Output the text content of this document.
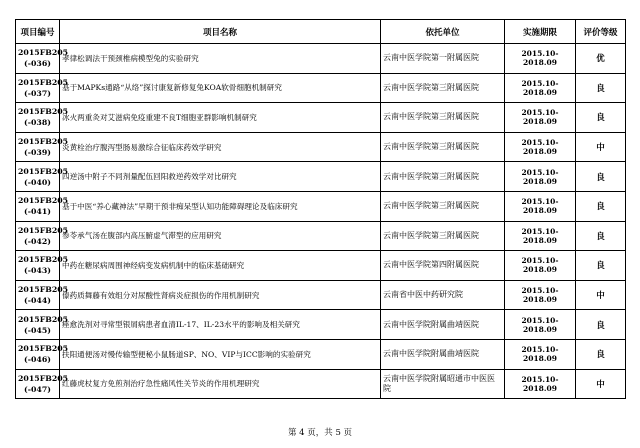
项目编号	项目名称	依托单位	实施期限	评价等级

2015FB205
(-036)	孝律松调法干预颈椎病模型兔的实验研究	云南中医学院第一附属医院	2015.10-2018.09	优

2015FB205
(-037)	基于MAPKs通路“从络”探讨康复新修复兔KOA软骨细胞机制研究	云南中医学院第三附属医院	2015.10-2018.09	良

2015FB205
(-038)	冰火两重灸对艾滋病免疫重建不良T细胞亚群影响机制研究	云南中医学院第三附属医院	2015.10-2018.09	良

2015FB205
(-039)	炎黄栓治疗腹泻型肠易激综合征临床药效学研究	云南中医学院第三附属医院	2015.10-2018.09	中

2015FB205
(-040)	四逆汤中附子不同剂量配伍回阳救逆药效学对比研究	云南中医学院第三附属医院	2015.10-2018.09	良

2015FB205
(-041)	基于中医“养心藏神法”早期干预非痴呆型认知功能障碍理论及临床研究	云南中医学院第三附属医院	2015.10-2018.09	良

2015FB205
(-042)	参苓承气汤在腹部内高压腑虚气滞型的应用研究	云南中医学院第三附属医院	2015.10-2018.09	良

2015FB205
(-043)	中药在糖尿病周围神经病变发病机制中的临床基础研究	云南中医学院第四附属医院	2015.10-2018.09	良

2015FB205
(-044)	傣药质舞藤有效组分对尿酸性肾病炎症损伤的作用机制研究	云南省中医中药研究院	2015.10-2018.09	中

2015FB205
(-045)	痤愈洗剂对寻常型银屑病患者血清IL-17、IL-23水平的影响及相关研究	云南中医学院附属曲靖医院	2015.10-2018.09	良

2015FB205
(-046)	扶阳通便汤对慢传输型便秘小鼠肠道SP、NO、VIP与ICC影响的实验研究	云南中医学院附属曲靖医院	2015.10-2018.09	良

2015FB205
(-047)	红藤虎杖复方免煎剂治疗急性痛风性关节炎的作用机理研究	云南中医学院附属昭通市中医医院	2015.10-2018.09	中
第 4 页，共 5 页
